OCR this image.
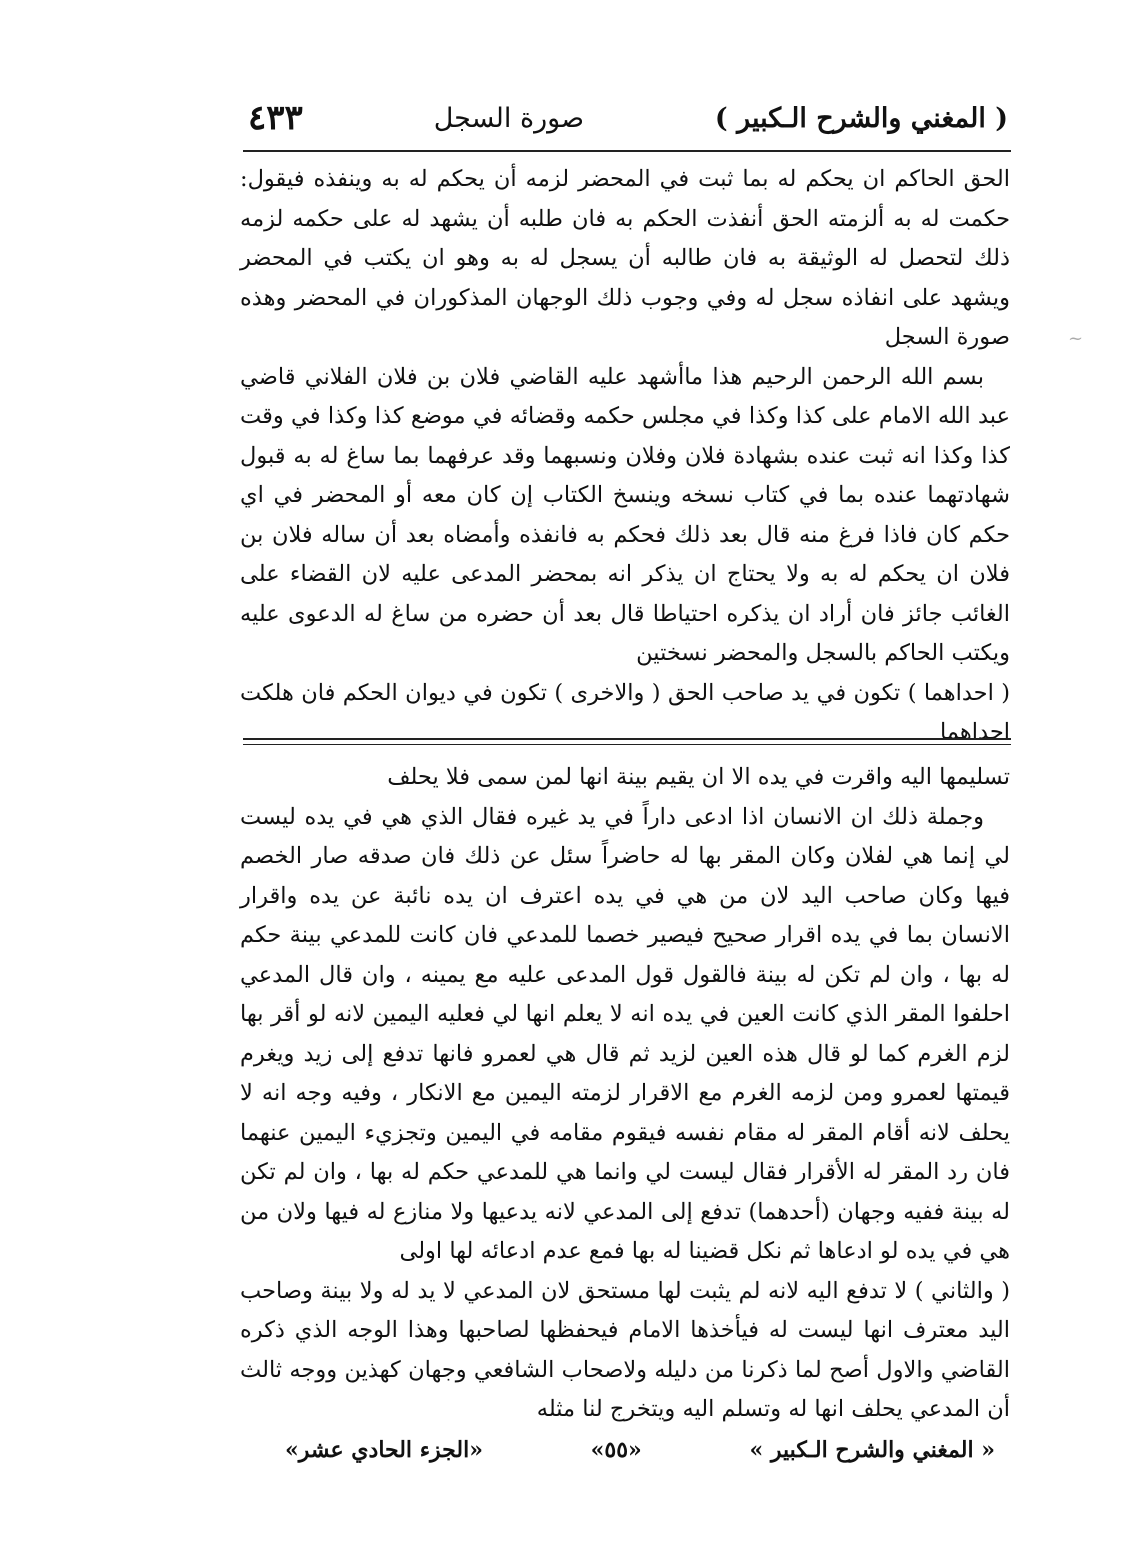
( المغني والشرح الـكبير )
صورة السجل
٤٣٣

الحق الحاكم ان يحكم له بما ثبت في المحضر لزمه أن يحكم له به وينفذه فيقول: حكمت له به ألزمته الحق أنفذت الحكم به فان طلبه أن يشهد له على حكمه لزمه ذلك لتحصل له الوثيقة به فان طالبه أن يسجل له به وهو ان يكتب في المحضر ويشهد على انفاذه سجل له وفي وجوب ذلك الوجهان المذكوران في المحضر وهذه صورة السجل

بسم الله الرحمن الرحيم هذا ماأشهد عليه القاضي فلان بن فلان الفلاني قاضي عبد الله الامام على كذا وكذا في مجلس حكمه وقضائه في موضع كذا وكذا في وقت كذا وكذا انه ثبت عنده بشهادة فلان وفلان ونسبهما وقد عرفهما بما ساغ له به قبول شهادتهما عنده بما في كتاب نسخه وينسخ الكتاب إن كان معه أو المحضر في اي حكم كان فاذا فرغ منه قال بعد ذلك فحكم به فانفذه وأمضاه بعد أن ساله فلان بن فلان ان يحكم له به ولا يحتاج ان يذكر انه بمحضر المدعى عليه لان القضاء على الغائب جائز فان أراد ان يذكره احتياطا قال بعد أن حضره من ساغ له الدعوى عليه ويكتب الحاكم بالسجل والمحضر نسختين

( احداهما ) تكون في يد صاحب الحق ( والاخرى ) تكون في ديوان الحكم فان هلكت احداهما

تسليمها اليه واقرت في يده الا ان يقيم بينة انها لمن سمى فلا يحلف

وجملة ذلك ان الانسان اذا ادعى داراً في يد غيره فقال الذي هي في يده ليست لي إنما هي لفلان وكان المقر بها له حاضراً سئل عن ذلك فان صدقه صار الخصم فيها وكان صاحب اليد لان من هي في يده اعترف ان يده نائبة عن يده واقرار الانسان بما في يده اقرار صحيح فيصير خصما للمدعي فان كانت للمدعي بينة حكم له بها ، وان لم تكن له بينة فالقول قول المدعى عليه مع يمينه ، وان قال المدعي احلفوا المقر الذي كانت العين في يده انه لا يعلم انها لي فعليه اليمين لانه لو أقر بها لزم الغرم كما لو قال هذه العين لزيد ثم قال هي لعمرو فانها تدفع إلى زيد ويغرم قيمتها لعمرو ومن لزمه الغرم مع الاقرار لزمته اليمين مع الانكار ، وفيه وجه انه لا يحلف لانه أقام المقر له مقام نفسه فيقوم مقامه في اليمين وتجزيء اليمين عنهما فان رد المقر له الأقرار فقال ليست لي وانما هي للمدعي حكم له بها ، وان لم تكن له بينة ففيه وجهان (أحدهما) تدفع إلى المدعي لانه يدعيها ولا منازع له فيها ولان من هي في يده لو ادعاها ثم نكل قضينا له بها فمع عدم ادعائه لها اولى

( والثاني ) لا تدفع اليه لانه لم يثبت لها مستحق لان المدعي لا يد له ولا بينة وصاحب اليد معترف انها ليست له فيأخذها الامام فيحفظها لصاحبها وهذا الوجه الذي ذكره القاضي والاول أصح لما ذكرنا من دليله ولاصحاب الشافعي وجهان كهذين ووجه ثالث أن المدعي يحلف انها له وتسلم اليه ويتخرج لنا مثله

« المغني والشرح الـكبير »
«٥٥»
«الجزء الحادي عشر»
~
